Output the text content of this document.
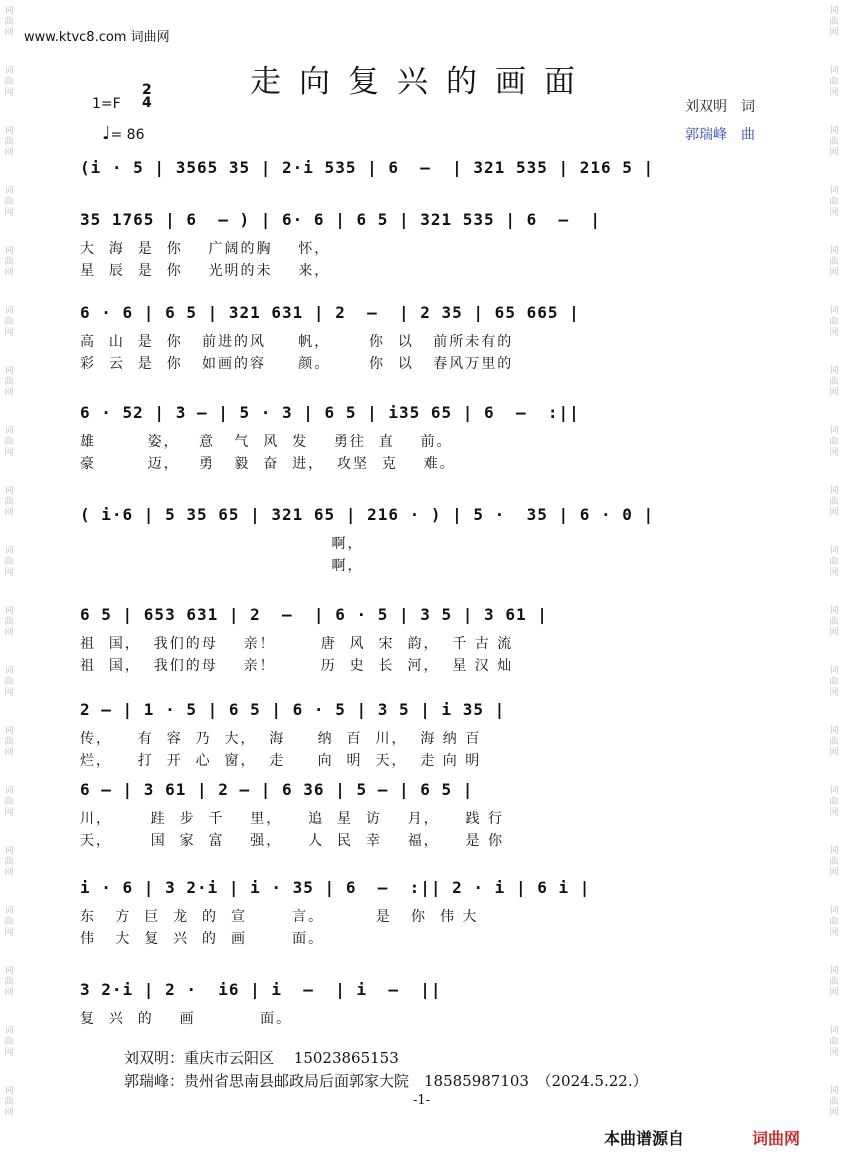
词
曲
网
词
曲
网
词
曲
网
词
曲
网
词
曲
网
词
曲
网
词
曲
网
词
曲
网
词
曲
网
词
曲
网
词
曲
网
词
曲
网
词
曲
网
词
曲
网
词
曲
网
词
曲
网
词
曲
网
词
曲
网
词
曲
网
词
曲
网
词
曲
网
词
曲
网
词
曲
网
词
曲
网
词
曲
网
词
曲
网
词
曲
网
词
曲
网
词
曲
网
词
曲
网
词
曲
网
词
曲
网
词
曲
网
词
曲
网
词
曲
网
词
曲
网
词
曲
网
词
曲
网
www.ktvc8.com 词曲网
走向复兴的画面
1=F
2
4
♩= 86
刘双明　词
郭瑞峰　曲
(i · 5 | 3565 35 | 2·i 535 | 6  —  | 321 535 | 216 5 |
35 1765 | 6  — ) | 6· 6 | 6 5 | 321 535 | 6  —  |
大  海  是  你    广阔的胸    怀，
星  辰  是  你    光明的未    来，
6 · 6 | 6 5 | 321 631 | 2  —  | 2 35 | 65 665 |
高  山  是  你   前进的风     帆，      你  以   前所未有的
彩  云  是  你   如画的容     颜。      你  以   春风万里的
6 · 52 | 3 — | 5 · 3 | 6 5 | i35 65 | 6  —  :||
雄        姿，   意   气  风  发    勇往  直    前。
豪        迈，   勇   毅  奋  进，  攻坚  克    难。
( i·6 | 5 35 65 | 321 65 | 216 · ) | 5 ·  35 | 6 · 0 |
啊，
啊，
6 5 | 653 631 | 2  —  | 6 · 5 | 3 5 | 3 61 |
祖  国，  我们的母    亲！       唐  风  宋  韵，  千 古 流
祖  国，  我们的母    亲！       历  史  长  河，  星 汉 灿
2 — | 1 · 5 | 6 5 | 6 · 5 | 3 5 | i 35 |
传，    有  容  乃  大，  海     纳  百  川，  海 纳 百
烂，    打  开  心  窗，  走     向  明  天，  走 向 明
6 — | 3 61 | 2 — | 6 36 | 5 — | 6 5 |
川，      跬  步  千    里，    追  星  访    月，    践 行
天，      国  家  富    强，    人  民  幸    福，    是 你
i · 6 | 3 2·i | i · 35 | 6  —  :|| 2 · i | 6 i |
东   方  巨  龙  的  宣       言。        是   你  伟 大
伟   大  复  兴  的  画       面。
3 2·i | 2 ·  i6 | i  —  | i  —  ||
复  兴  的    画          面。
刘双明：重庆市云阳区　 15023865153
郭瑞峰：贵州省思南县邮政局后面郭家大院　18585987103　（2024.5.22.）
-1-
本曲谱源自	词曲网
